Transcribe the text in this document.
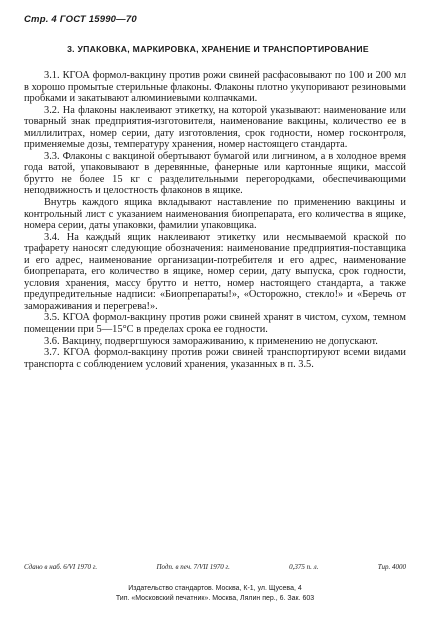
Стр. 4 ГОСТ 15990—70
3. УПАКОВКА, МАРКИРОВКА, ХРАНЕНИЕ И ТРАНСПОРТИРОВАНИЕ

3.1. КГОА формол-вакцину против рожи свиней расфасовывают по 100 и 200 мл в хорошо промытые стерильные флаконы. Флаконы плотно укупоривают резиновыми пробками и закатывают алюминиевыми колпачками.

3.2. На флаконы наклеивают этикетку, на которой указывают: наименование или товарный знак предприятия-изготовителя, наименование вакцины, количество ее в миллилитрах, номер серии, дату изготовления, срок годности, номер госконтроля, применяемые дозы, температуру хранения, номер настоящего стандарта.

3.3. Флаконы с вакциной обертывают бумагой или лигнином, а в холодное время года ватой, упаковывают в деревянные, фанерные или картонные ящики, массой брутто не более 15 кг с разделительными перегородками, обеспечивающими неподвижность и целостность флаконов в ящике.

Внутрь каждого ящика вкладывают наставление по применению вакцины и контрольный лист с указанием наименования биопрепарата, его количества в ящике, номера серии, даты упаковки, фамилии упаковщика.

3.4. На каждый ящик наклеивают этикетку или несмываемой краской по трафарету наносят следующие обозначения: наименование предприятия-поставщика и его адрес, наименование организации-потребителя и его адрес, наименование биопрепарата, его количество в ящике, номер серии, дату выпуска, срок годности, условия хранения, массу брутто и нетто, номер настоящего стандарта, а также предупредительные надписи: «Биопрепараты!», «Осторожно, стекло!» и «Беречь от замораживания и перегрева!».

3.5. КГОА формол-вакцину против рожи свиней хранят в чистом, сухом, темном помещении при 5—15°С в пределах срока ее годности.

3.6. Вакцину, подвергшуюся замораживанию, к применению не допускают.

3.7. КГОА формол-вакцину против рожи свиней транспортируют всеми видами транспорта с соблюдением условий хранения, указанных в п. 3.5.

Сдано в наб. 6/VI 1970 г.	Подп. в печ. 7/VII 1970 г.	0,375 п. л.	Тир. 4000
Издательство стандартов. Москва, К-1, ул. Щусева, 4
Тип. «Московский печатник». Москва, Лялин пер., 6. Зак. 603
